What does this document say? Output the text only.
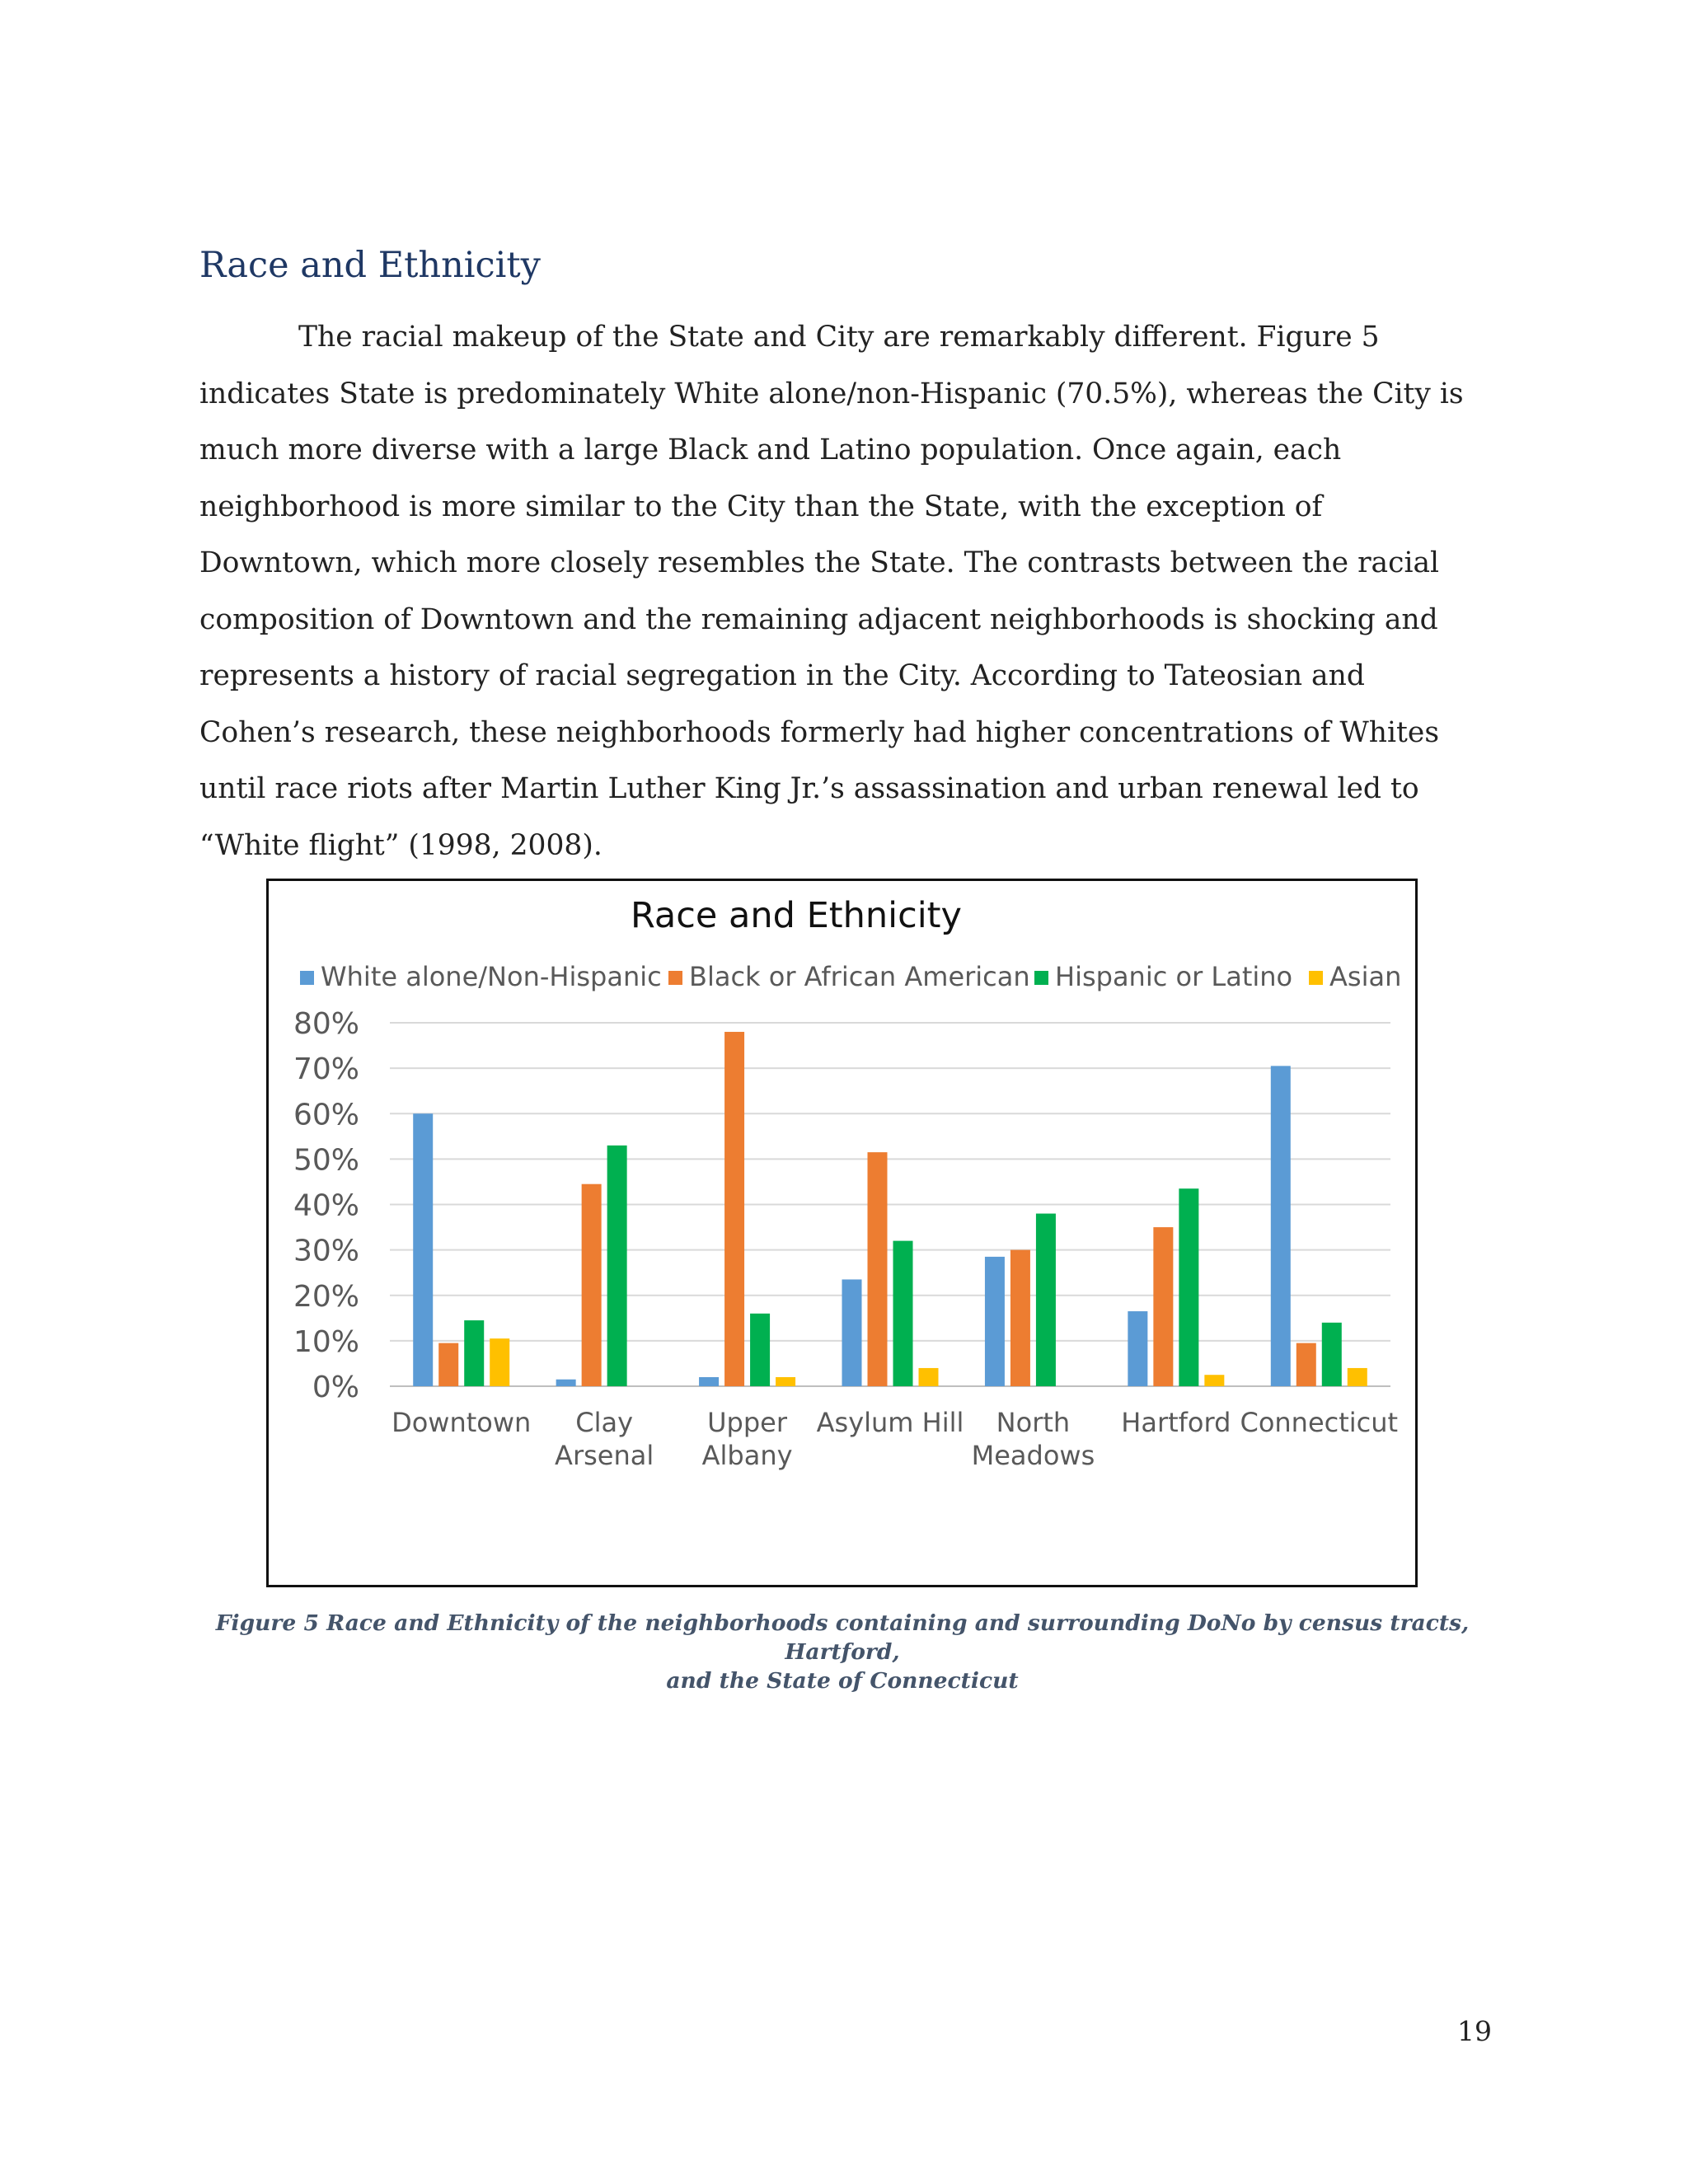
Race and Ethnicity
The racial makeup of the State and City are remarkably different. Figure 5
indicates State is predominately White alone/non-Hispanic (70.5%), whereas the City is
much more diverse with a large Black and Latino population. Once again, each
neighborhood is more similar to the City than the State, with the exception of
Downtown, which more closely resembles the State. The contrasts between the racial
composition of Downtown and the remaining adjacent neighborhoods is shocking and
represents a history of racial segregation in the City. According to Tateosian and
Cohen’s research, these neighborhoods formerly had higher concentrations of Whites
until race riots after Martin Luther King Jr.’s assassination and urban renewal led to
“White flight” (1998, 2008).
Race and Ethnicity
White alone/Non-Hispanic Black or African American Hispanic or Latino Asian
0%
10%
20%
30%
40%
50%
60%
70%
80%
Downtown	Clay Arsenal
Upper Albany
Asylum Hill	North Meadows
Hartford Connecticut
Figure 5 Race and Ethnicity of the neighborhoods containing and surrounding DoNo by census tracts, Hartford,
and the State of Connecticut
19
